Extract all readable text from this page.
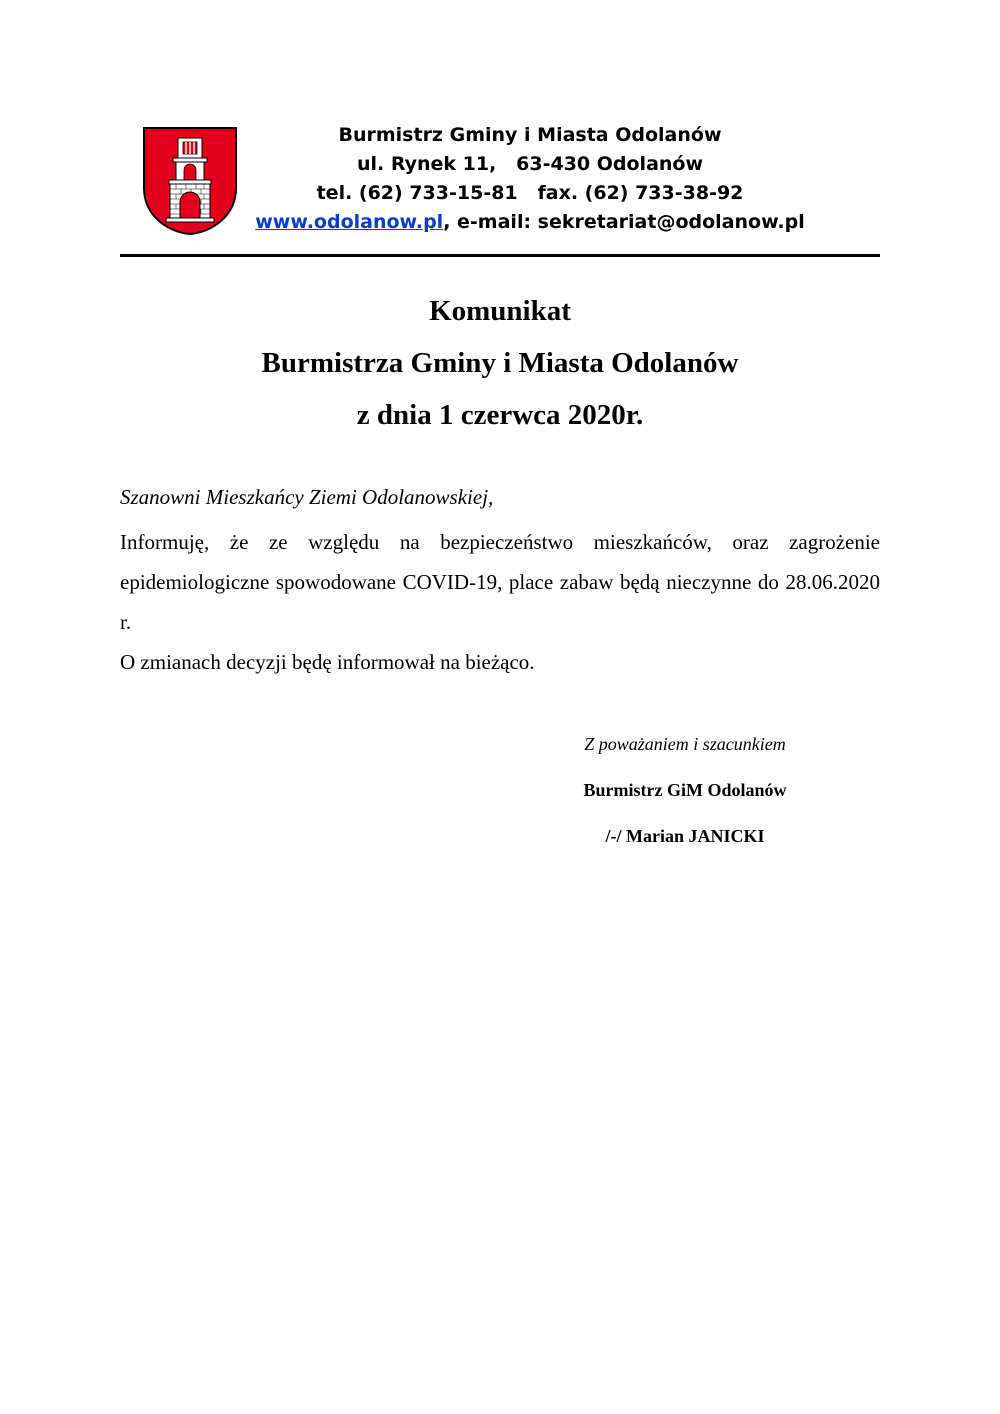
Burmistrz Gminy i Miasta Odolanów
ul. Rynek 11,   63-430 Odolanów
tel. (62) 733-15-81   fax. (62) 733-38-92
www.odolanow.pl, e-mail: sekretariat@odolanow.pl
Komunikat
Burmistrza Gminy i Miasta Odolanów
z dnia 1 czerwca 2020r.
Szanowni Mieszkańcy Ziemi Odolanowskiej,

Informuję, że ze względu na bezpieczeństwo mieszkańców, oraz zagrożenie epidemiologiczne spowodowane COVID-19, place zabaw będą nieczynne do 28.06.2020 r.

O zmianach decyzji będę informował na bieżąco.

Z poważaniem i szacunkiem
Burmistrz GiM Odolanów
/-/ Marian JANICKI
